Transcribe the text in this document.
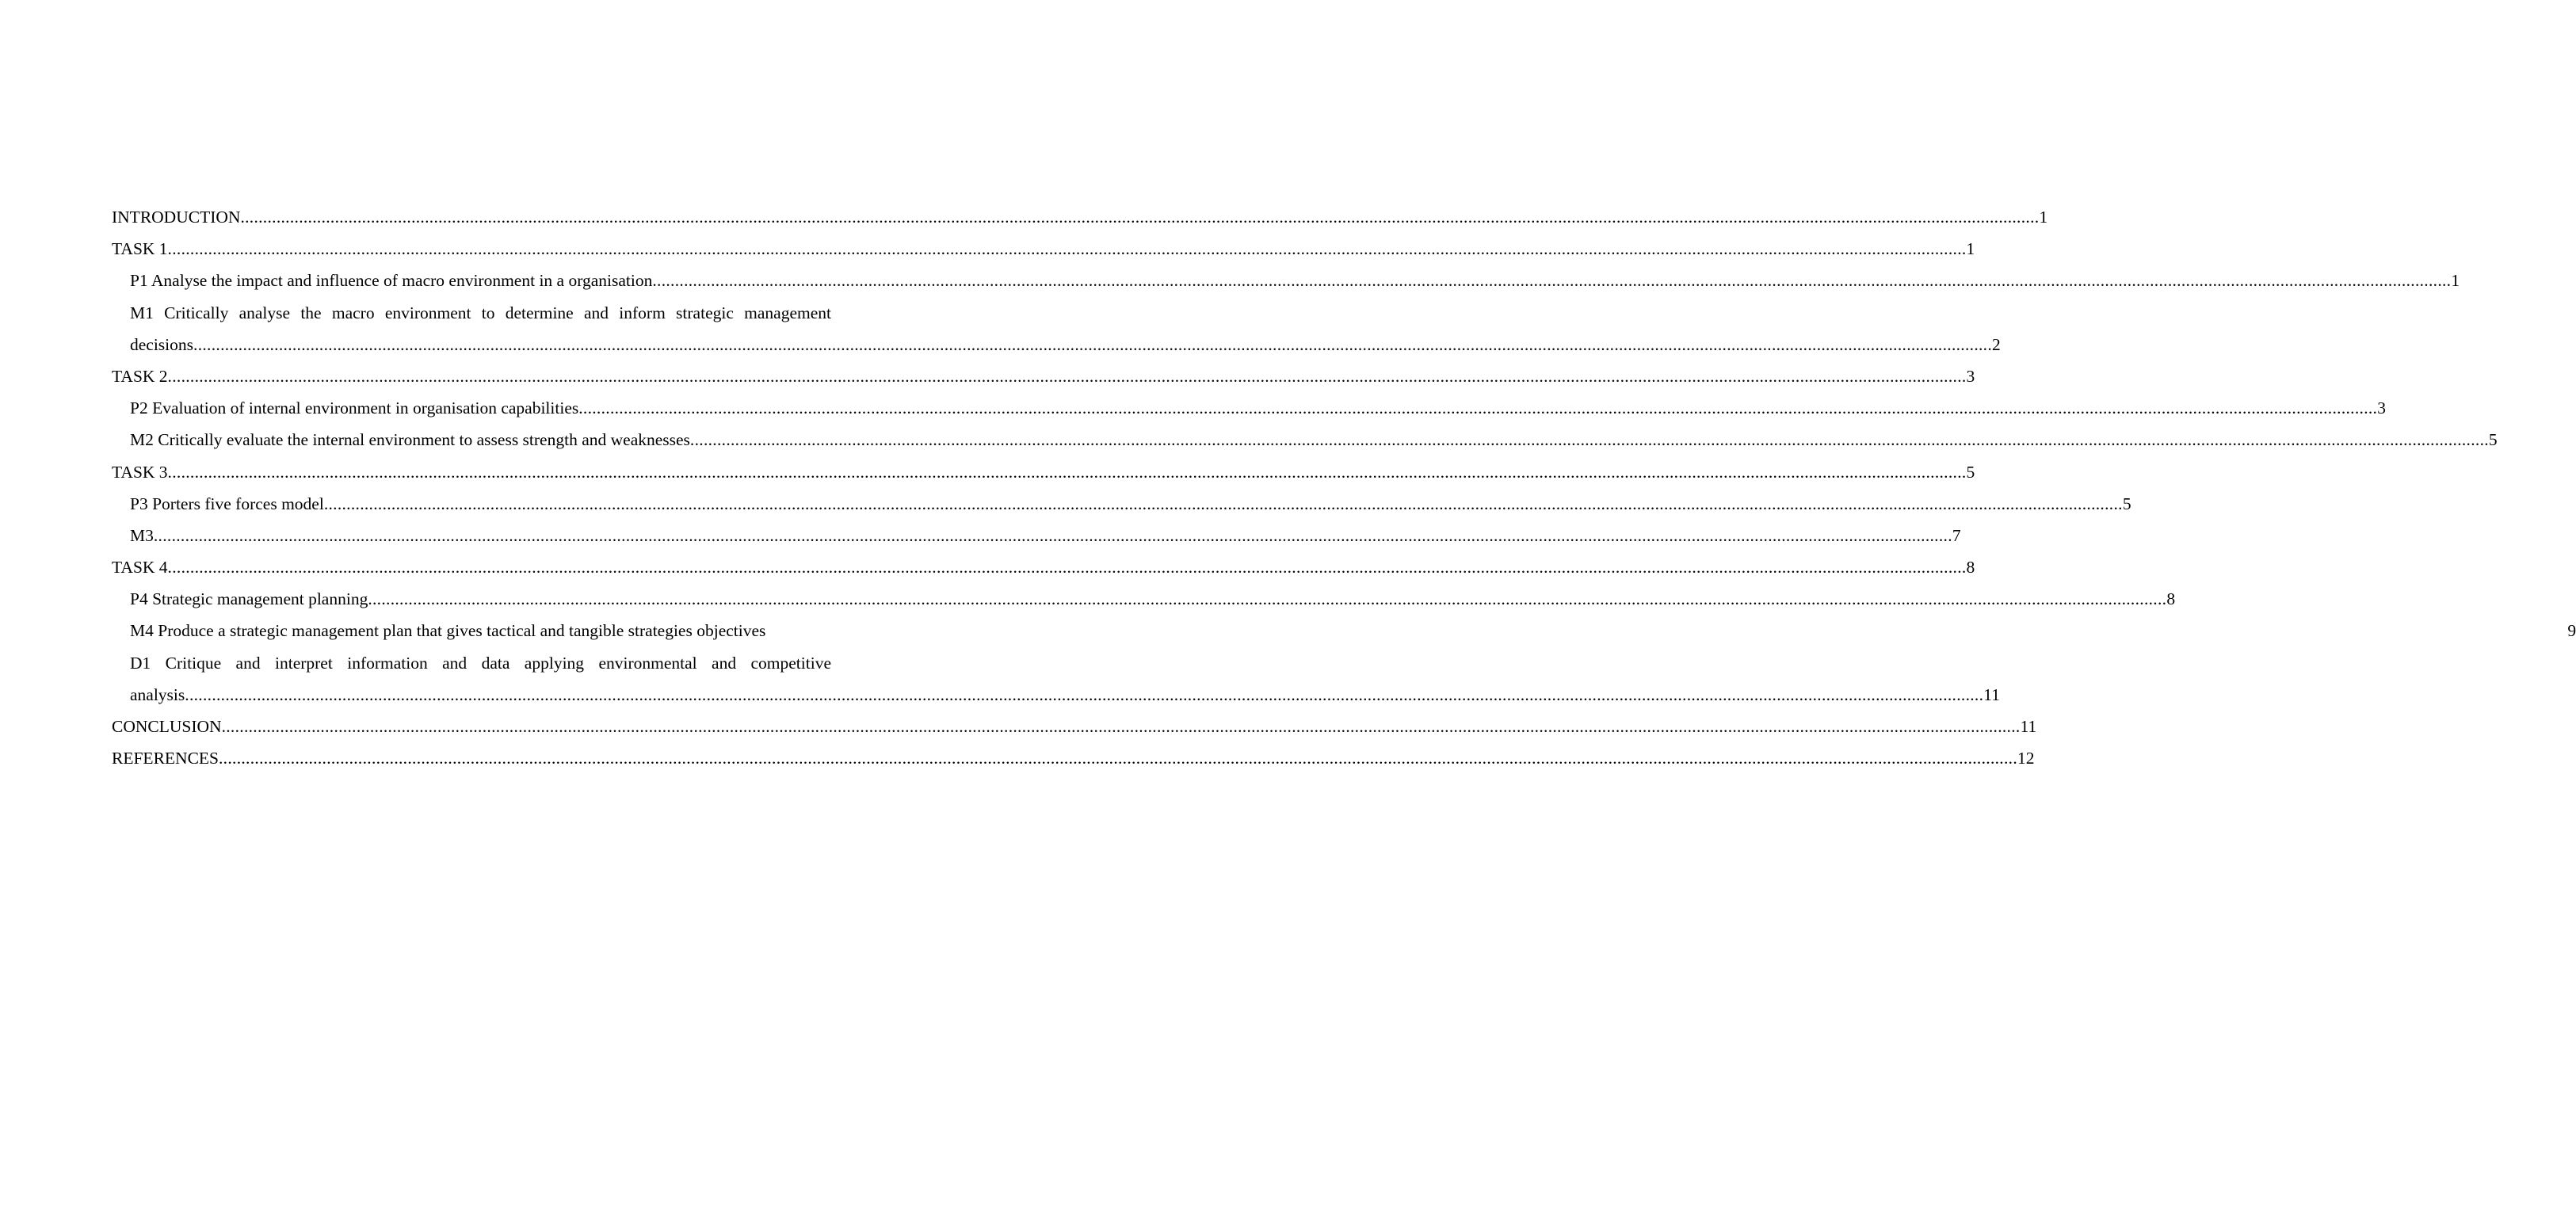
INTRODUCTION ................................................................................................................................................................................................................................................................................................................................................................................................................ 1
TASK 1 ................................................................................................................................................................................................................................................................................................................................................................................................................ 1
P1 Analyse the impact and influence of macro environment in a organisation ................................................................................................................................................................................................................................................................................................................................................................................................................ 1
M1 Critically analyse the macro environment to determine and inform strategic management
decisions ................................................................................................................................................................................................................................................................................................................................................................................................................ 2
TASK 2 ................................................................................................................................................................................................................................................................................................................................................................................................................ 3
P2 Evaluation of internal environment in organisation capabilities ................................................................................................................................................................................................................................................................................................................................................................................................................ 3
M2 Critically evaluate the internal environment to assess strength and weaknesses ................................................................................................................................................................................................................................................................................................................................................................................................................ 5
TASK 3 ................................................................................................................................................................................................................................................................................................................................................................................................................ 5
P3 Porters five forces model ................................................................................................................................................................................................................................................................................................................................................................................................................ 5
M3 ................................................................................................................................................................................................................................................................................................................................................................................................................ 7
TASK 4 ................................................................................................................................................................................................................................................................................................................................................................................................................ 8
P4 Strategic management planning ................................................................................................................................................................................................................................................................................................................................................................................................................ 8
M4 Produce a strategic management plan that gives tactical and tangible strategies objectives	9
D1 Critique and interpret information and data applying environmental and competitive
analysis ................................................................................................................................................................................................................................................................................................................................................................................................................ 11
CONCLUSION ................................................................................................................................................................................................................................................................................................................................................................................................................ 11
REFERENCES ................................................................................................................................................................................................................................................................................................................................................................................................................ 12
